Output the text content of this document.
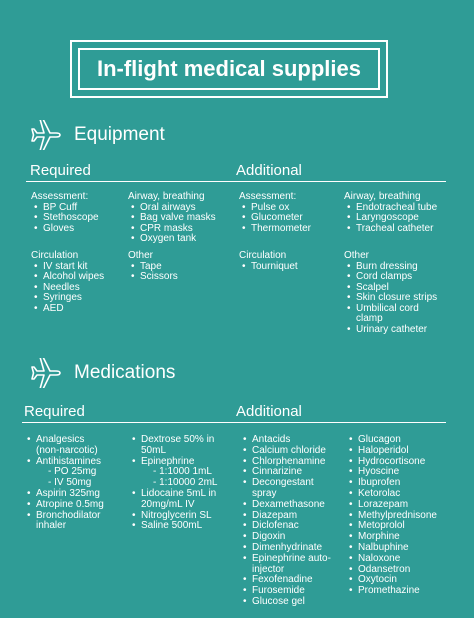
In-flight medical supplies
Equipment
Required	Additional
Assessment:
• BP Cuff
• Stethoscope
• Gloves
Airway, breathing
• Oral airways
• Bag valve masks
• CPR masks
• Oxygen tank
Circulation
• IV start kit
• Alcohol wipes
• Needles
• Syringes
• AED
Other
• Tape
• Scissors
Assessment:
• Pulse ox
• Glucometer
• Thermometer
Airway, breathing
• Endotracheal tube
• Laryngoscope
• Tracheal catheter
Circulation
• Tourniquet
Other
• Burn dressing
• Cord clamps
• Scalpel
• Skin closure strips
• Umbilical cord
clamp
• Urinary catheter
Medications
Required	Additional
• Analgesics
(non-narcotic)
• Antihistamines
- PO 25mg
- IV 50mg
• Aspirin 325mg
• Atropine 0.5mg
• Bronchodilator
inhaler
• Dextrose 50% in
50mL
• Epinephrine
- 1:1000 1mL
- 1:10000 2mL
• Lidocaine 5mL in
20mg/mL IV
• Nitroglycerin SL
• Saline 500mL
• Antacids
• Calcium chloride
• Chlorphenamine
• Cinnarizine
• Decongestant
spray
• Dexamethasone
• Diazepam
• Diclofenac
• Digoxin
• Dimenhydrinate
• Epinephrine auto-
injector
• Fexofenadine
• Furosemide
• Glucose gel
• Glucagon
• Haloperidol
• Hydrocortisone
• Hyoscine
• Ibuprofen
• Ketorolac
• Lorazepam
• Methylprednisone
• Metoprolol
• Morphine
• Nalbuphine
• Naloxone
• Odansetron
• Oxytocin
• Promethazine
